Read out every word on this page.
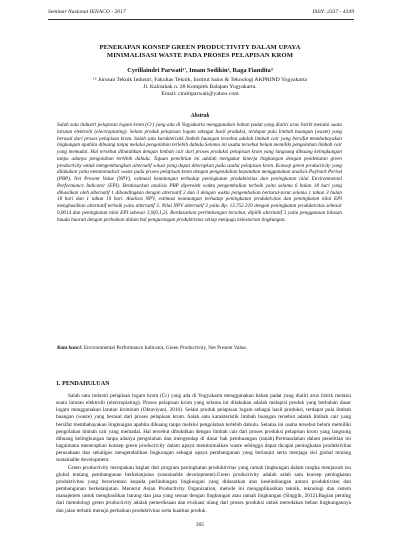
Seminar Nasional IENACO - 2017	ISSN: 2337 - 4349
PENERAPAN KONSEP GREEN PRODUCTIVITY DALAM UPAYA
MINIMALISASI WASTE PADA PROSES PELAPISAN KROM
Cyrillaindri Parwati¹', Imam Sodikin², Raga Fiandita³
¹² Jurusan Teknik Industri, Fakultas Teknik, Institut Sains & Teknologi AKPRIND Yogyakarta
Jl. Kalisahak n. 28 Komplek Balapan Yogyakarta.
Email: cindriparwati@yahoo.com
Abstrak
Salah satu industri pelapisan logam krom (Cr) yang ada di Yogyakarta menggunakan bahan padat yang dialiri arus listrik melalui suatu larutan elektrolit (electroplating). Selain produk pelapisan logam sebagai hasil produksi, terdapat pula limbah buangan (waste) yang berasal dari proses pelapisan krom. Salah satu karakteristik limbah buangan tersebut adalah limbah cair yang bersifat membahayakan lingkungan apabila dibuang tanpa melalui pengolahan terlebih dahulu.Selama ini usaha tersebut belum memiliki pengolahan limbah cair yang memadai. Hal tersebut dibutuhkan dengan limbah cair dari proses produksi pelapisan krom yang langsung dibuang kelingkungan tanpa adanya pengolahan terlebih dahulu. Tujuan penelitian ini adalah mengukur kinerja lingkungan dengan pendekatan green productivity untuk mengembangkan alternatif solusi yang dapat diterapkan pada usaha pelapisan krom. Konsep green productivity yang dilakukan yaitu meminimalisir waste pada proses pelapisan krom dengan pengendalian kepatuhan menggunakan analisis Payback Period (PBP), Net Present Value (NPV), estimasi keuntungan terhadap peningkatan produktivitas dan peningkatan nilai Environmental Performance Indicator (EPI). Berdasarkan analisis PBP diperoleh waktu pengembalian terbaik yaitu selama 6 bulan 18 hari yang dihasilkan oleh alternatif 1 dibandingkan dengan alternatif 2 dan 3 dengan waktu pengembalian berturut-turut selama 1 tahun 3 bulan 18 hari dan 1 tahun 19 hari. Analisis NPV, estimasi keuntungan terhadap peningkatan produktivitas dan peningkatan nilai EPI menghasilkan alternatif terbaik yaitu alternatif 3. Nilai NPV alternatif 3 yaitu Rp. 13.752.319 dengan peningkatan produktivitas sebesar 0,0014 dan peningkatan nilai EPI sebesar 3,9(0,1,2). Berdasarkan pertimbangan tersebut, dipilih alternatif 3 yaitu penggunaan bilasan bauda bauran dengan perbaikan dalam hal pengurangan produktivitas setiap menjaga kelestarian lingkungan.
Kata kunci: Environmental Performance Indicator, Green Productivity, Net Present Value.
1. PENDAHULUAN

Salah satu industri pelapisan logam krom (Cr) yang ada di Yogyakarta menggunakan bahan padat yang dialiri arus listrik melalui suatu larutan elektrolit (electroplating). Proses pelapisan krom yang selama ini dilakukan adalah melapisi produk yang berbahan dasar logam menggunakan larutan kromium (Oktaviyani, 2010). Selain produk pelapisan logam sebagai hasil produksi, terdapat pula limbah buangan (waste) yang berasal dari proses pelapisan krom. Salah satu karakteristik limbah buangan tersebut adalah limbah cair yang bersifat membahayakan lingkungan apabila dibuang tanpa melalui pengolahan terlebih dahulu. Selama ini usaha tersebut belum memiliki pengolahan limbah cair yang memadai. Hal tersebut dibuktikan dengan limbah cair dari proses produksi pelapisan krom yang langsung dibuang kelingkungan tanpa adanya pengolahan dan mengendap di dasar bak pembuangan (tanah).Permasalahan dalam penelitian ini bagaimana menerapkan konsep green productivity dalam upaya meminimalkan waste sehingga dapat dicapai peningkatan produktivitas perusahaan dan sekaligus mengendalikan lingkungan sebagai upaya pembangunan yang berlanjut serta menjaga sisi global tentang sustainable development.

Green productivity merupakan bagian dari program peningkatan produktivitas yang ramah lingkungan dalam rangka menjawab isu global tentang pembangunan berkelanjutan (sustainable development).Green productivity adalah salah satu konsep peningkatan produktivitas yang berorientasi kepada perlindungan lingkungan yang didasarkan atas keseimbangan antara produktivitas dan pembangunan berkelanjutan. Menurut Asian Productivity Organization, metode ini mengaplikasikan teknik, teknologi dan sistem manajemen untuk menghasilkan barang dan jasa yang sesuai dengan lingkungan atau ramah lingkungan (Singgih, 2012).Bagian penting dari metodologi green productivity adalah pemeriksaan dan evaluasi ulang dari proses produksi untuk meredakan beban lingkungannya dan jalan terbaik menuju perbaikan produktivitas serta kualitas produk.

305
